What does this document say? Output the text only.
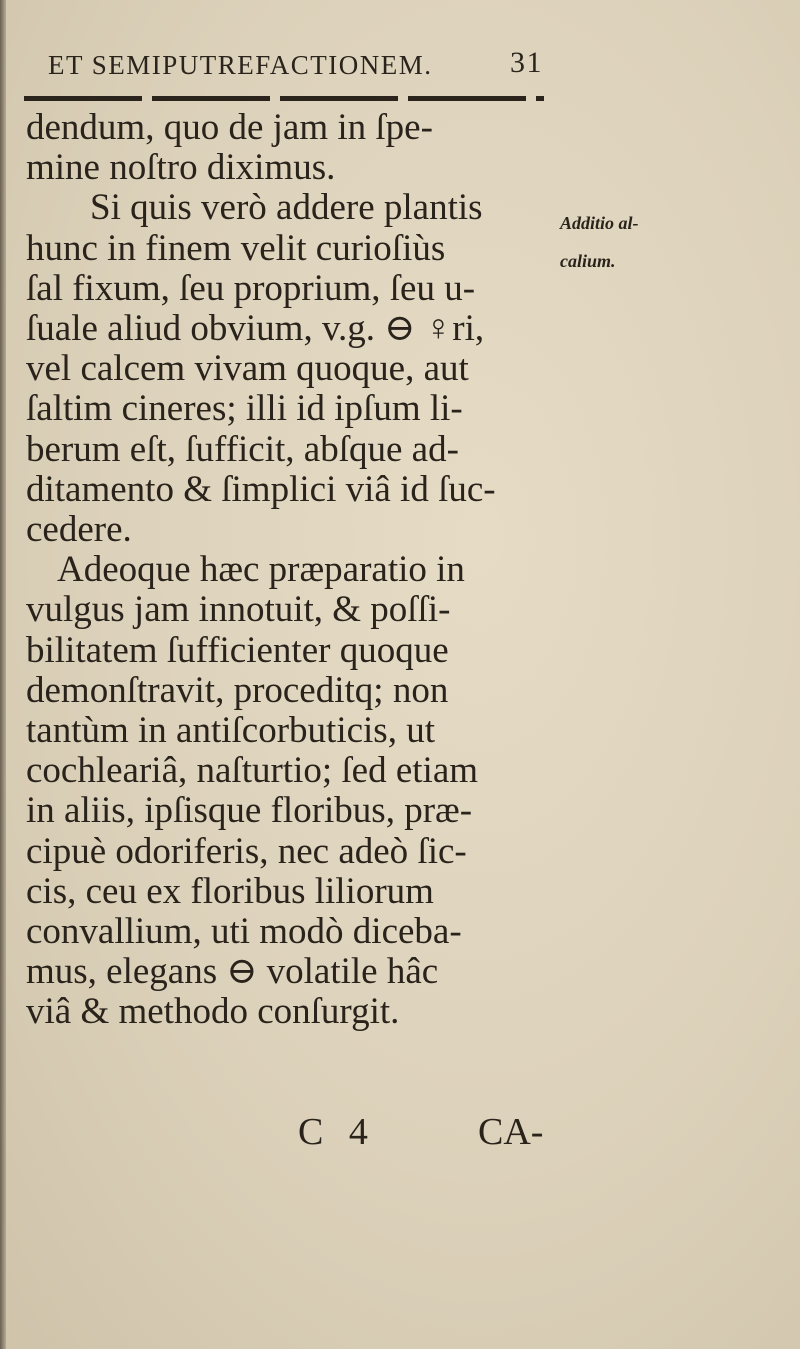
ET SEMIPUTREFACTIONEM.	31
dendum, quo de jam in ſpe-
mine noſtro diximus.
Si quis verò addere plantis
hunc in finem velit curioſiùs
ſal fixum, ſeu proprium, ſeu u-
ſuale aliud obvium, v.g. ⊖ ♀ri,
vel calcem vivam quoque, aut
ſaltim cineres; illi id ipſum li-
berum eſt, ſufficit, abſque ad-
ditamento & ſimplici viâ id ſuc-
cedere.
Adeoque hæc præparatio in
vulgus jam innotuit, & poſſi-
bilitatem ſufficienter quoque
demonſtravit, proceditq; non
tantùm in antiſcorbuticis, ut
cochleariâ, naſturtio; ſed etiam
in aliis, ipſisque floribus, præ-
cipuè odoriferis, nec adeò ſic-
cis, ceu ex floribus liliorum
convallium, uti modò diceba-
mus, elegans ⊖ volatile hâc
viâ & methodo conſurgit.
Additio al-
calium.
C 4	CA-
